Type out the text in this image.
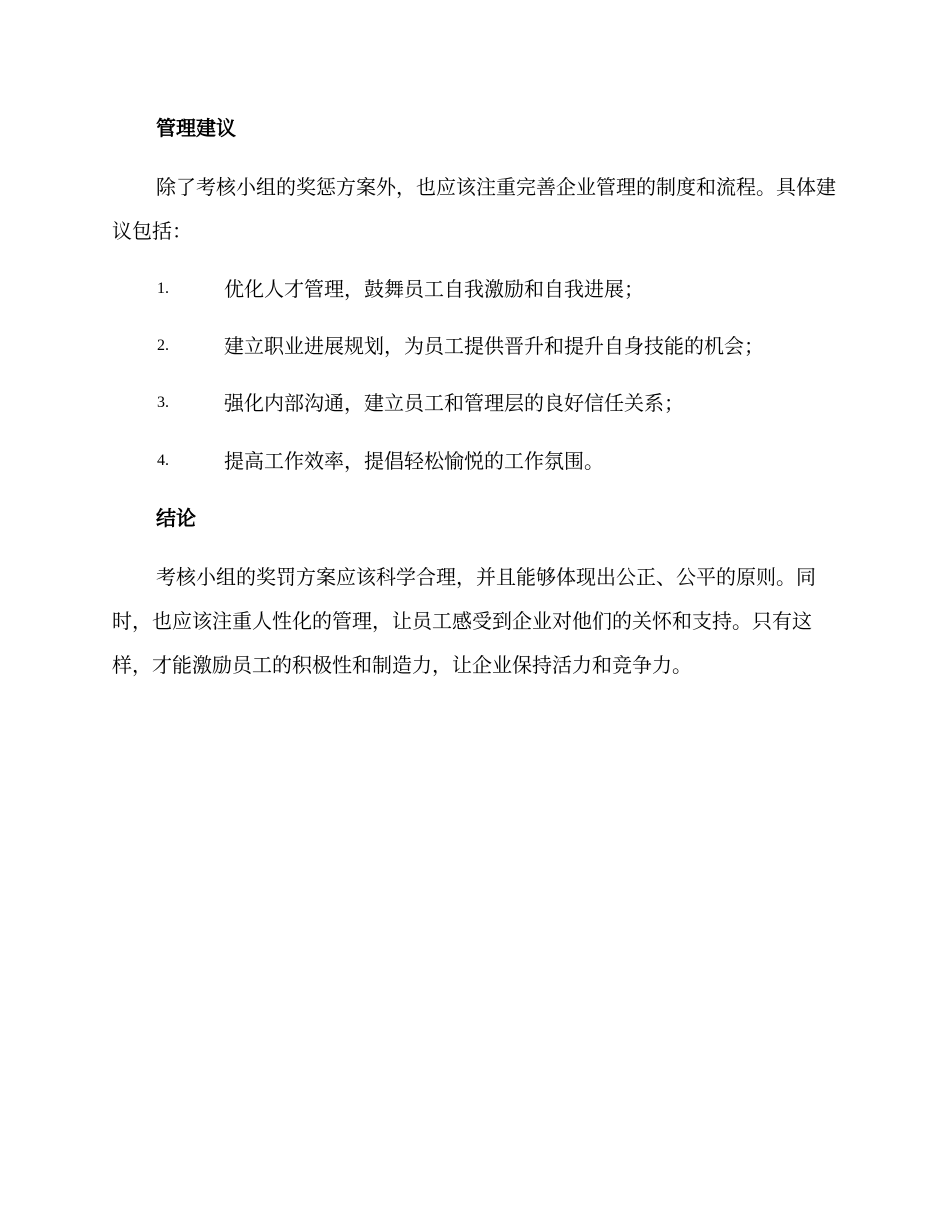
管理建议
除了考核小组的奖惩方案外，也应该注重完善企业管理的制度和流程。具体建议包括：
1.	优化人才管理，鼓舞员工自我激励和自我进展；
2.	建立职业进展规划，为员工提供晋升和提升自身技能的机会；
3.	强化内部沟通，建立员工和管理层的良好信任关系；
4.	提高工作效率，提倡轻松愉悦的工作氛围。
结论
考核小组的奖罚方案应该科学合理，并且能够体现出公正、公平的原则。同时，也应该注重人性化的管理，让员工感受到企业对他们的关怀和支持。只有这样，才能激励员工的积极性和制造力，让企业保持活力和竞争力。
